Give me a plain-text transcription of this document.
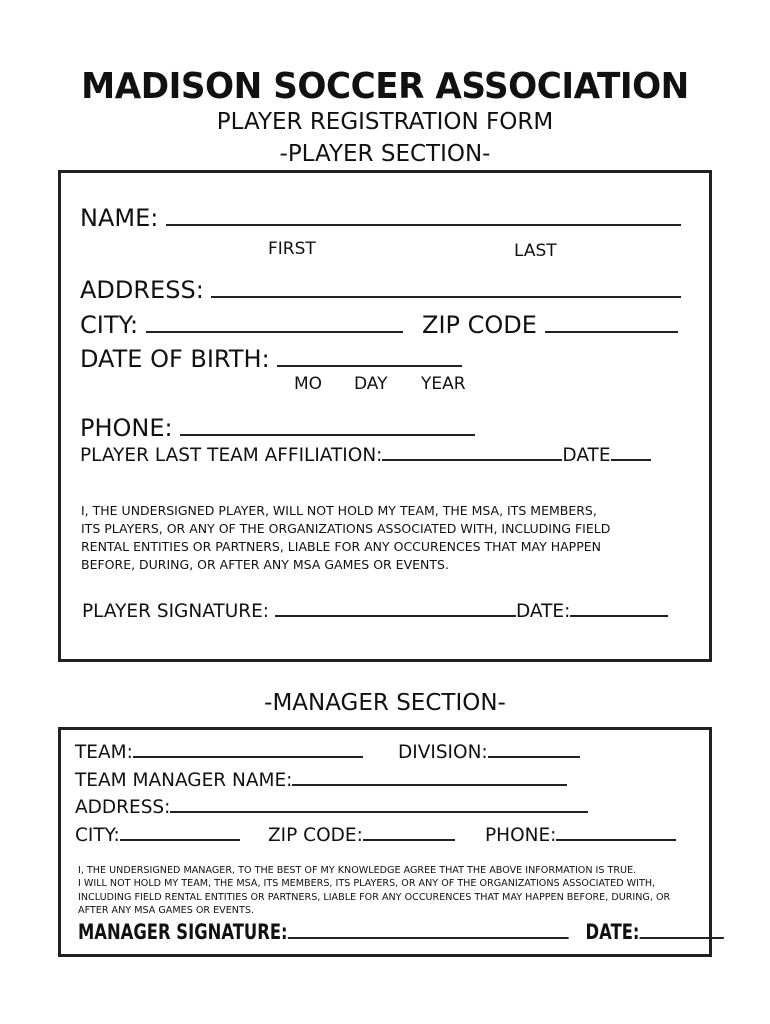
MADISON SOCCER ASSOCIATION
PLAYER REGISTRATION FORM
-PLAYER SECTION-
NAME:
FIRST	LAST
ADDRESS:
CITY:	ZIP CODE
DATE OF BIRTH:
MO DAY YEAR
PHONE:
PLAYER LAST TEAM AFFILIATION:	DATE
I, THE UNDERSIGNED PLAYER, WILL NOT HOLD MY TEAM, THE MSA, ITS MEMBERS,
ITS PLAYERS, OR ANY OF THE ORGANIZATIONS ASSOCIATED WITH, INCLUDING FIELD
RENTAL ENTITIES OR PARTNERS, LIABLE FOR ANY OCCURENCES THAT MAY HAPPEN
BEFORE, DURING, OR AFTER ANY MSA GAMES OR EVENTS.
PLAYER SIGNATURE:	DATE:
-MANAGER SECTION-
TEAM:	DIVISION:
TEAM MANAGER NAME:
ADDRESS:
CITY:	ZIP CODE:	PHONE:
I, THE UNDERSIGNED MANAGER, TO THE BEST OF MY KNOWLEDGE AGREE THAT THE ABOVE INFORMATION IS TRUE.
I WILL NOT HOLD MY TEAM, THE MSA, ITS MEMBERS, ITS PLAYERS, OR ANY OF THE ORGANIZATIONS ASSOCIATED WITH,
INCLUDING FIELD RENTAL ENTITIES OR PARTNERS, LIABLE FOR ANY OCCURENCES THAT MAY HAPPEN BEFORE, DURING, OR
AFTER ANY MSA GAMES OR EVENTS.
MANAGER SIGNATURE:	DATE:
